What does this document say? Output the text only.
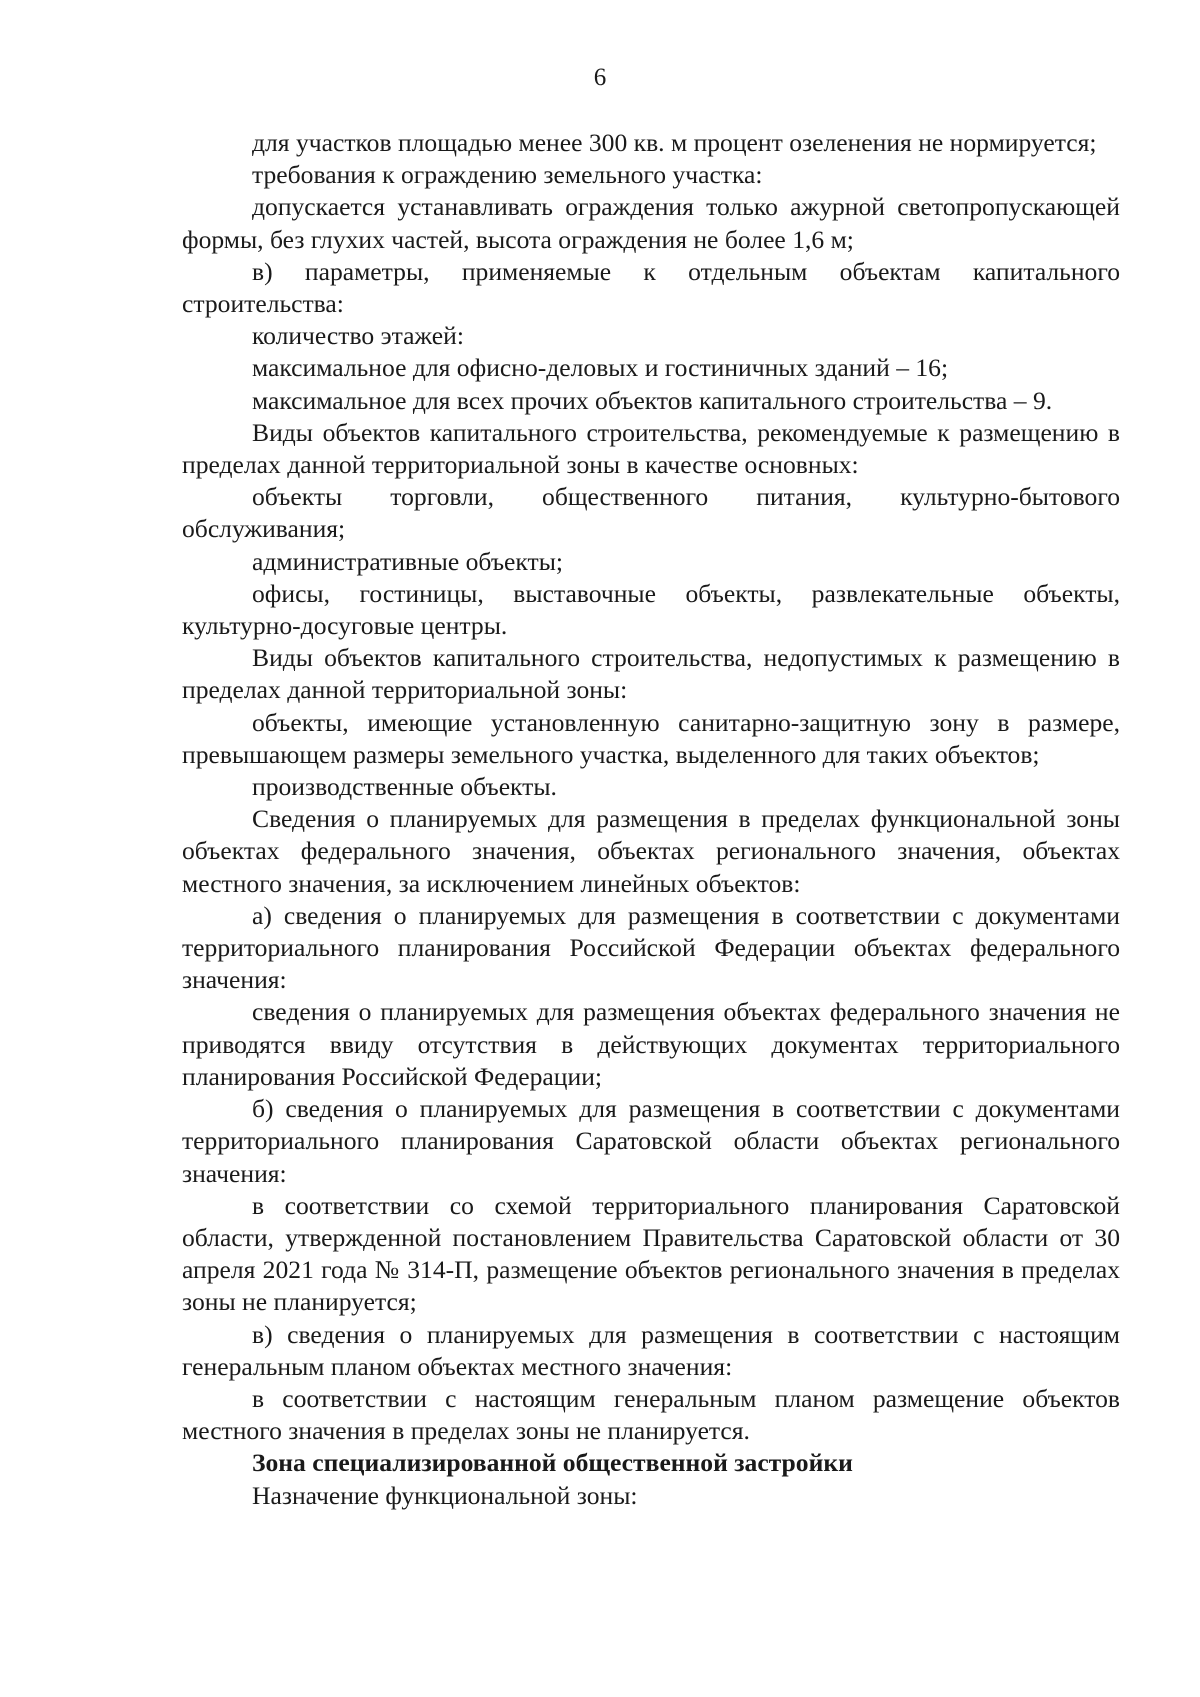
6

для участков площадью менее 300 кв. м процент озеленения не нормируется;

требования к ограждению земельного участка:

допускается устанавливать ограждения только ажурной светопропускающей формы, без глухих частей, высота ограждения не более 1,6 м;

в) параметры, применяемые к отдельным объектам капитального строительства:

количество этажей:

максимальное для офисно-деловых и гостиничных зданий – 16;

максимальное для всех прочих объектов капитального строительства – 9.

Виды объектов капитального строительства, рекомендуемые к размещению в пределах данной территориальной зоны в качестве основных:

объекты торговли, общественного питания, культурно-бытового обслуживания;

административные объекты;

офисы, гостиницы, выставочные объекты, развлекательные объекты, культурно-досуговые центры.

Виды объектов капитального строительства, недопустимых к размещению в пределах данной территориальной зоны:

объекты, имеющие установленную санитарно-защитную зону в размере, превышающем размеры земельного участка, выделенного для таких объектов;

производственные объекты.

Сведения о планируемых для размещения в пределах функциональной зоны объектах федерального значения, объектах регионального значения, объектах местного значения, за исключением линейных объектов:

а) сведения о планируемых для размещения в соответствии с документами территориального планирования Российской Федерации объектах федерального значения:

сведения о планируемых для размещения объектах федерального значения не приводятся ввиду отсутствия в действующих документах территориального планирования Российской Федерации;

б) сведения о планируемых для размещения в соответствии с документами территориального планирования Саратовской области объектах регионального значения:

в соответствии со схемой территориального планирования Саратовской области, утвержденной постановлением Правительства Саратовской области от 30 апреля 2021 года № 314-П, размещение объектов регионального значения в пределах зоны не планируется;

в) сведения о планируемых для размещения в соответствии с настоящим генеральным планом объектах местного значения:

в соответствии с настоящим генеральным планом размещение объектов местного значения в пределах зоны не планируется.

Зона специализированной общественной застройки

Назначение функциональной зоны:
